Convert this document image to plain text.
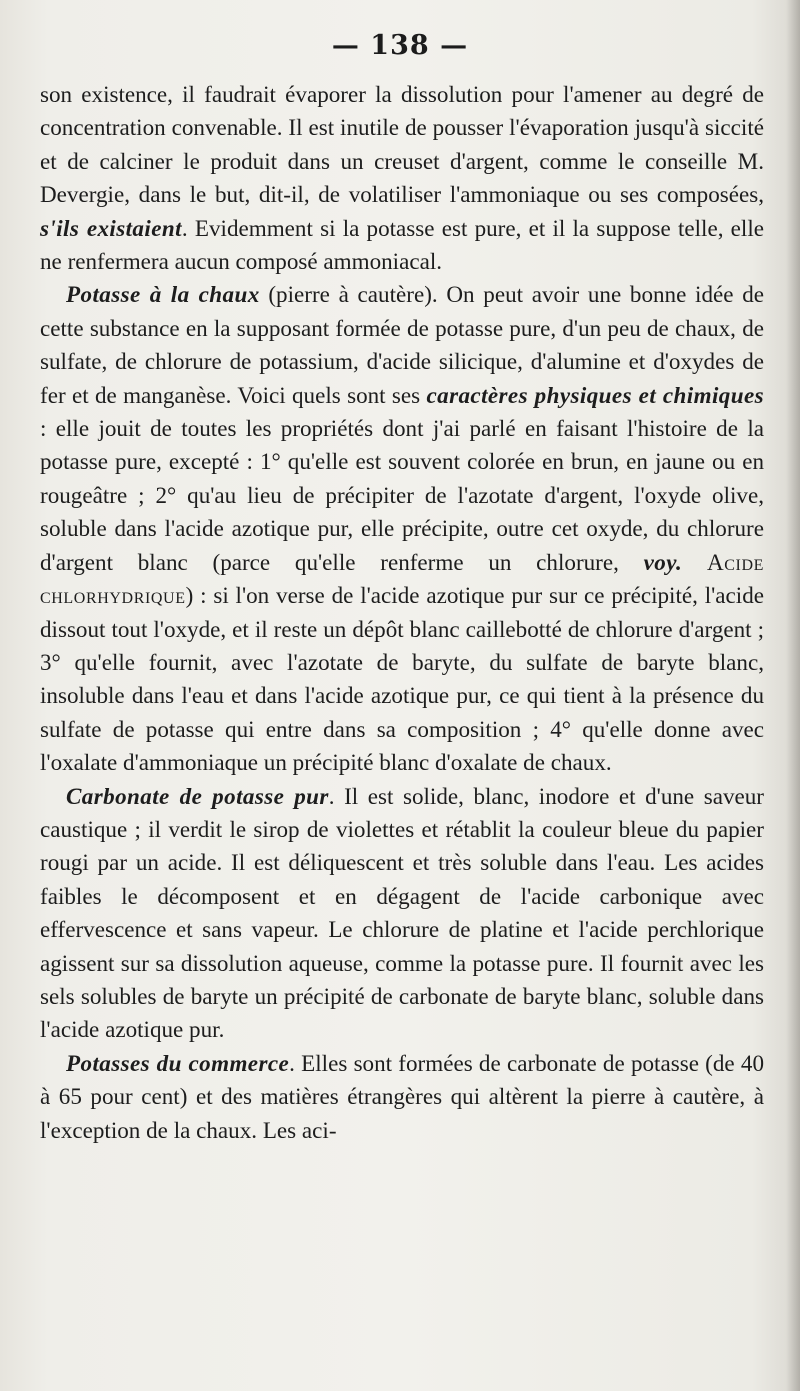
— 138 —

son existence, il faudrait évaporer la dissolution pour l'amener au degré de concentration convenable. Il est inutile de pousser l'évaporation jusqu'à siccité et de calciner le produit dans un creuset d'argent, comme le conseille M. Devergie, dans le but, dit-il, de volatiliser l'ammoniaque ou ses composées, s'ils existaient. Evidemment si la potasse est pure, et il la suppose telle, elle ne renfermera aucun composé ammoniacal.

Potasse à la chaux (pierre à cautère). On peut avoir une bonne idée de cette substance en la supposant formée de potasse pure, d'un peu de chaux, de sulfate, de chlorure de potassium, d'acide silicique, d'alumine et d'oxydes de fer et de manganèse. Voici quels sont ses caractères physiques et chimiques : elle jouit de toutes les propriétés dont j'ai parlé en faisant l'histoire de la potasse pure, excepté : 1° qu'elle est souvent colorée en brun, en jaune ou en rougeâtre ; 2° qu'au lieu de précipiter de l'azotate d'argent, l'oxyde olive, soluble dans l'acide azotique pur, elle précipite, outre cet oxyde, du chlorure d'argent blanc (parce qu'elle renferme un chlorure, voy. Acide chlorhydrique) : si l'on verse de l'acide azotique pur sur ce précipité, l'acide dissout tout l'oxyde, et il reste un dépôt blanc caillebotté de chlorure d'argent ; 3° qu'elle fournit, avec l'azotate de baryte, du sulfate de baryte blanc, insoluble dans l'eau et dans l'acide azotique pur, ce qui tient à la présence du sulfate de potasse qui entre dans sa composition ; 4° qu'elle donne avec l'oxalate d'ammoniaque un précipité blanc d'oxalate de chaux.

Carbonate de potasse pur. Il est solide, blanc, inodore et d'une saveur caustique ; il verdit le sirop de violettes et rétablit la couleur bleue du papier rougi par un acide. Il est déliquescent et très soluble dans l'eau. Les acides faibles le décomposent et en dégagent de l'acide carbonique avec effervescence et sans vapeur. Le chlorure de platine et l'acide perchlorique agissent sur sa dissolution aqueuse, comme la potasse pure. Il fournit avec les sels solubles de baryte un précipité de carbonate de baryte blanc, soluble dans l'acide azotique pur.

Potasses du commerce. Elles sont formées de carbonate de potasse (de 40 à 65 pour cent) et des matières étrangères qui altèrent la pierre à cautère, à l'exception de la chaux. Les aci-
